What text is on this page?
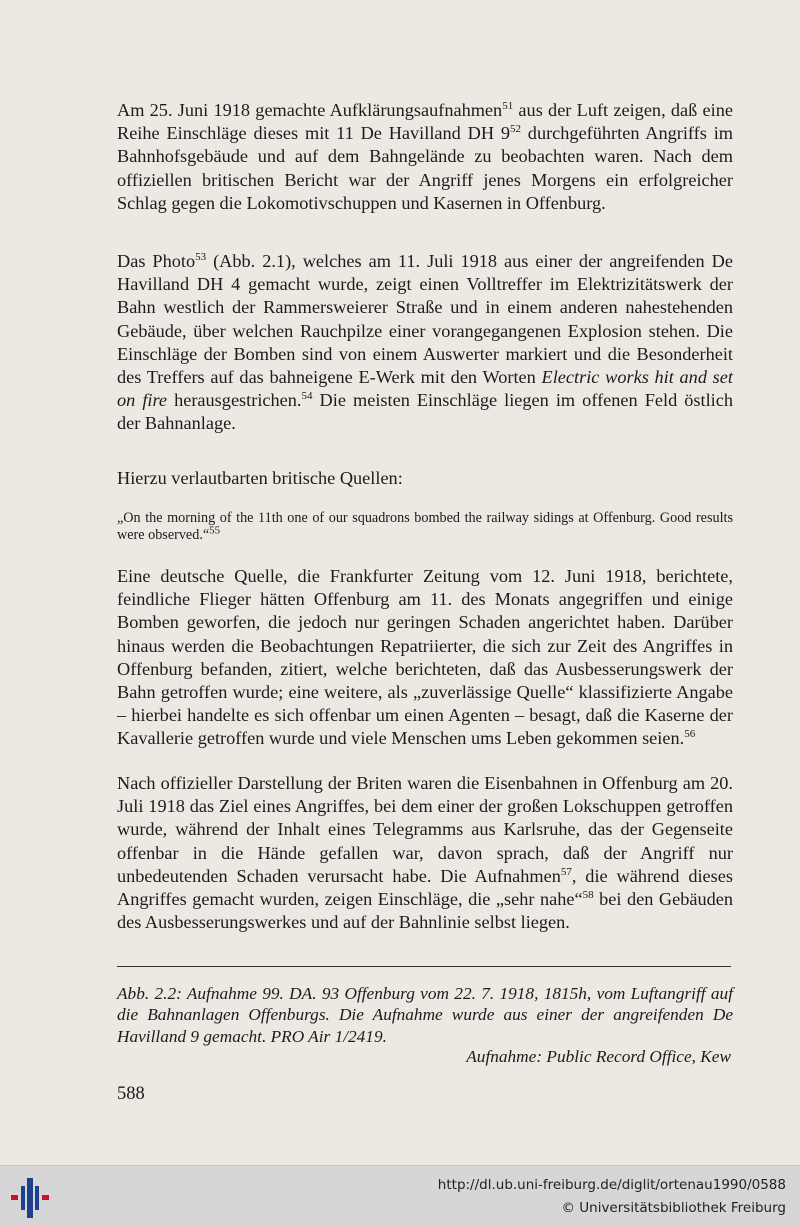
Am 25. Juni 1918 gemachte Aufklärungsaufnahmen$^{51}$ aus der Luft zeigen, daß eine Reihe Einschläge dieses mit 11 De Havilland DH $9^{52}$ durchgeführten Angriffs im Bahnhofsgebäude und auf dem Bahngelände zu beobachten waren. Nach dem offiziellen britischen Bericht war der Angriff jenes Morgens ein erfolgreicher Schlag gegen die Lokomotivschuppen und Kasernen in Offenburg.

Das Photo$^{53}$ (Abb. 2.1), welches am 11. Juli 1918 aus einer der angreifenden De Havilland DH 4 gemacht wurde, zeigt einen Volltreffer im Elektrizitätswerk der Bahn westlich der Rammersweierer Straße und in einem anderen nahestehenden Gebäude, über welchen Rauchpilze einer vorangegangenen Explosion stehen. Die Einschläge der Bomben sind von einem Auswerter markiert und die Besonderheit des Treffers auf das bahneigene E-Werk mit den Worten Electric works hit and set on fire herausgestrichen.$^{54}$ Die meisten Einschläge liegen im offenen Feld östlich der Bahnanlage.

Hierzu verlautbarten britische Quellen:

„On the morning of the 11th one of our squadrons bombed the railway sidings at Offenburg. Good results were observed.“$^{55}$

Eine deutsche Quelle, die Frankfurter Zeitung vom 12. Juni 1918, berichtete, feindliche Flieger hätten Offenburg am 11. des Monats angegriffen und einige Bomben geworfen, die jedoch nur geringen Schaden angerichtet haben. Darüber hinaus werden die Beobachtungen Repatriierter, die sich zur Zeit des Angriffes in Offenburg befanden, zitiert, welche berichteten, daß das Ausbesserungswerk der Bahn getroffen wurde; eine weitere, als „zuverlässige Quelle“ klassifizierte Angabe – hierbei handelte es sich offenbar um einen Agenten – besagt, daß die Kaserne der Kavallerie getroffen wurde und viele Menschen ums Leben gekommen seien.$^{56}$

Nach offizieller Darstellung der Briten waren die Eisenbahnen in Offenburg am 20. Juli 1918 das Ziel eines Angriffes, bei dem einer der großen Lokschuppen getroffen wurde, während der Inhalt eines Telegramms aus Karlsruhe, das der Gegenseite offenbar in die Hände gefallen war, davon sprach, daß der Angriff nur unbedeutenden Schaden verursacht habe. Die Aufnahmen$^{57}$, die während dieses Angriffes gemacht wurden, zeigen Einschläge, die „sehr nahe“$^{58}$ bei den Gebäuden des Ausbesserungswerkes und auf der Bahnlinie selbst liegen.

Abb. 2.2: Aufnahme 99. DA. 93 Offenburg vom 22. 7. 1918, 1815h, vom Luftangriff auf die Bahnanlagen Offenburgs. Die Aufnahme wurde aus einer der angreifenden De Havilland 9 gemacht. PRO Air 1/2419.

Aufnahme: Public Record Office, Kew

588

http://dl.ub.uni-freiburg.de/diglit/ortenau1990/0588
© Universitätsbibliothek Freiburg
